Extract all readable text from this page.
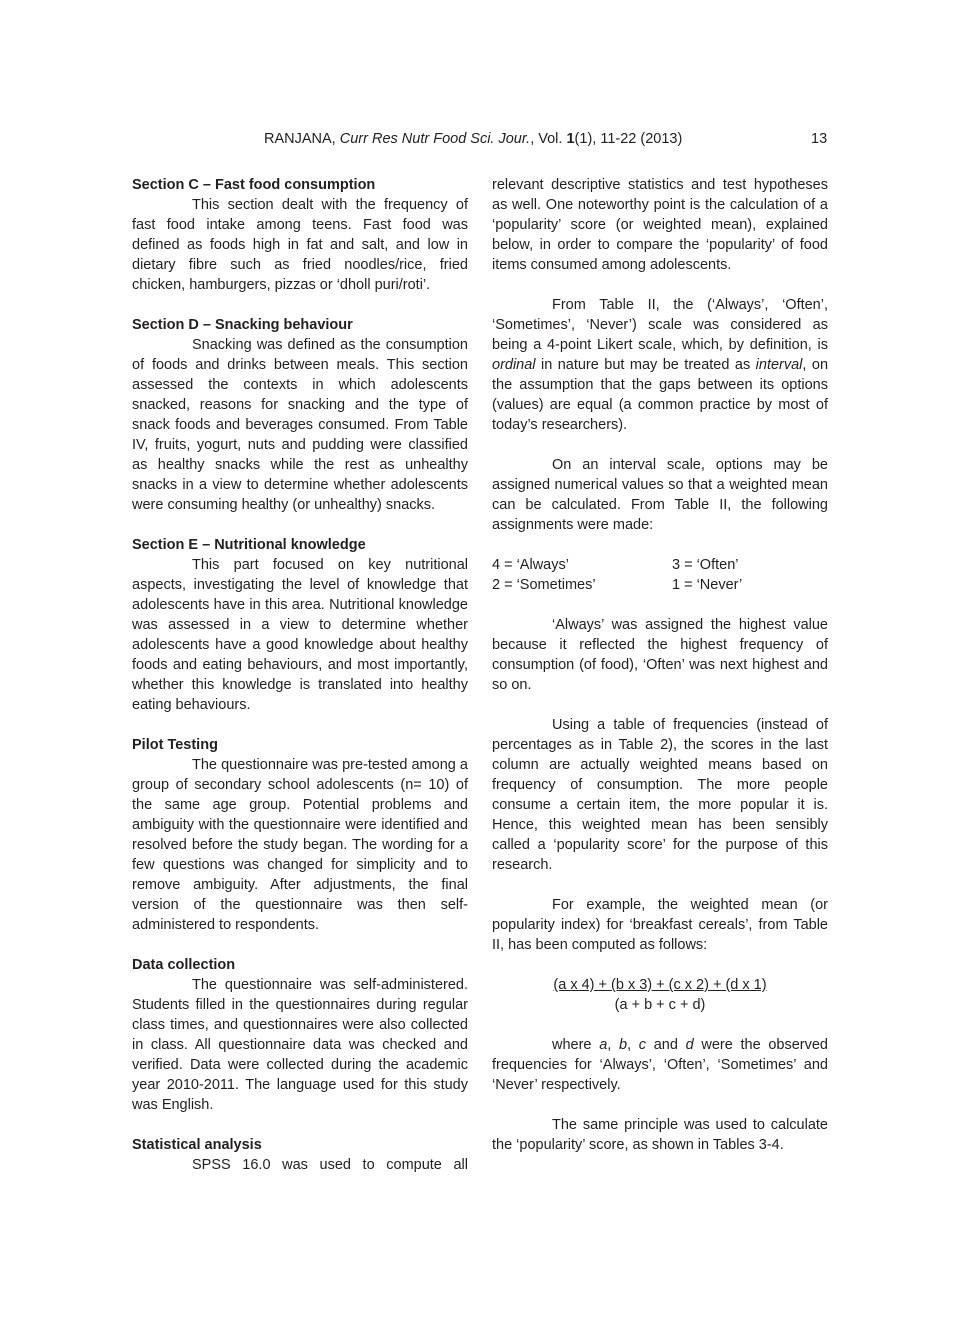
RANJANA, Curr Res Nutr Food Sci. Jour., Vol. 1(1), 11-22 (2013)	13

Section C – Fast food consumption

This section dealt with the frequency of fast food intake among teens. Fast food was defined as foods high in fat and salt, and low in dietary fibre such as fried noodles/rice, fried chicken, hamburgers, pizzas or ‘dholl puri/roti’.

Section D – Snacking behaviour

Snacking was defined as the consumption of foods and drinks between meals. This section assessed the contexts in which adolescents snacked, reasons for snacking and the type of snack foods and beverages consumed. From Table IV, fruits, yogurt, nuts and pudding were classified as healthy snacks while the rest as unhealthy snacks in a view to determine whether adolescents were consuming healthy (or unhealthy) snacks.

Section E – Nutritional knowledge

This part focused on key nutritional aspects, investigating the level of knowledge that adolescents have in this area. Nutritional knowledge was assessed in a view to determine whether adolescents have a good knowledge about healthy foods and eating behaviours, and most importantly, whether this knowledge is translated into healthy eating behaviours.

Pilot Testing

The questionnaire was pre-tested among a group of secondary school adolescents (n= 10) of the same age group. Potential problems and ambiguity with the questionnaire were identified and resolved before the study began. The wording for a few questions was changed for simplicity and to remove ambiguity. After adjustments, the final version of the questionnaire was then self-administered to respondents.

Data collection

The questionnaire was self-administered. Students filled in the questionnaires during regular class times, and questionnaires were also collected in class. All questionnaire data was checked and verified. Data were collected during the academic year 2010-2011. The language used for this study was English.

Statistical analysis

SPSS 16.0 was used to compute all

relevant descriptive statistics and test hypotheses as well. One noteworthy point is the calculation of a ‘popularity’ score (or weighted mean), explained below, in order to compare the ‘popularity’ of food items consumed among adolescents.

From Table II, the (‘Always’, ‘Often’, ‘Sometimes’, ‘Never’) scale was considered as being a 4-point Likert scale, which, by definition, is ordinal in nature but may be treated as interval, on the assumption that the gaps between its options (values) are equal (a common practice by most of today’s researchers).

On an interval scale, options may be assigned numerical values so that a weighted mean can be calculated. From Table II, the following assignments were made:

4 = ‘Always’	3 = ‘Often’
2 = ‘Sometimes’	1 = ‘Never’

‘Always’ was assigned the highest value because it reflected the highest frequency of consumption (of food), ‘Often’ was next highest and so on.

Using a table of frequencies (instead of percentages as in Table 2), the scores in the last column are actually weighted means based on frequency of consumption. The more people consume a certain item, the more popular it is. Hence, this weighted mean has been sensibly called a ‘popularity score’ for the purpose of this research.

For example, the weighted mean (or popularity index) for ‘breakfast cereals’, from Table II, has been computed as follows:

(a x 4) + (b x 3) + (c x 2) + (d x 1)
(a + b + c + d)

where a, b, c and d were the observed frequencies for ‘Always’, ‘Often’, ‘Sometimes’ and ‘Never’ respectively.

The same principle was used to calculate the ‘popularity’ score, as shown in Tables 3-4.
